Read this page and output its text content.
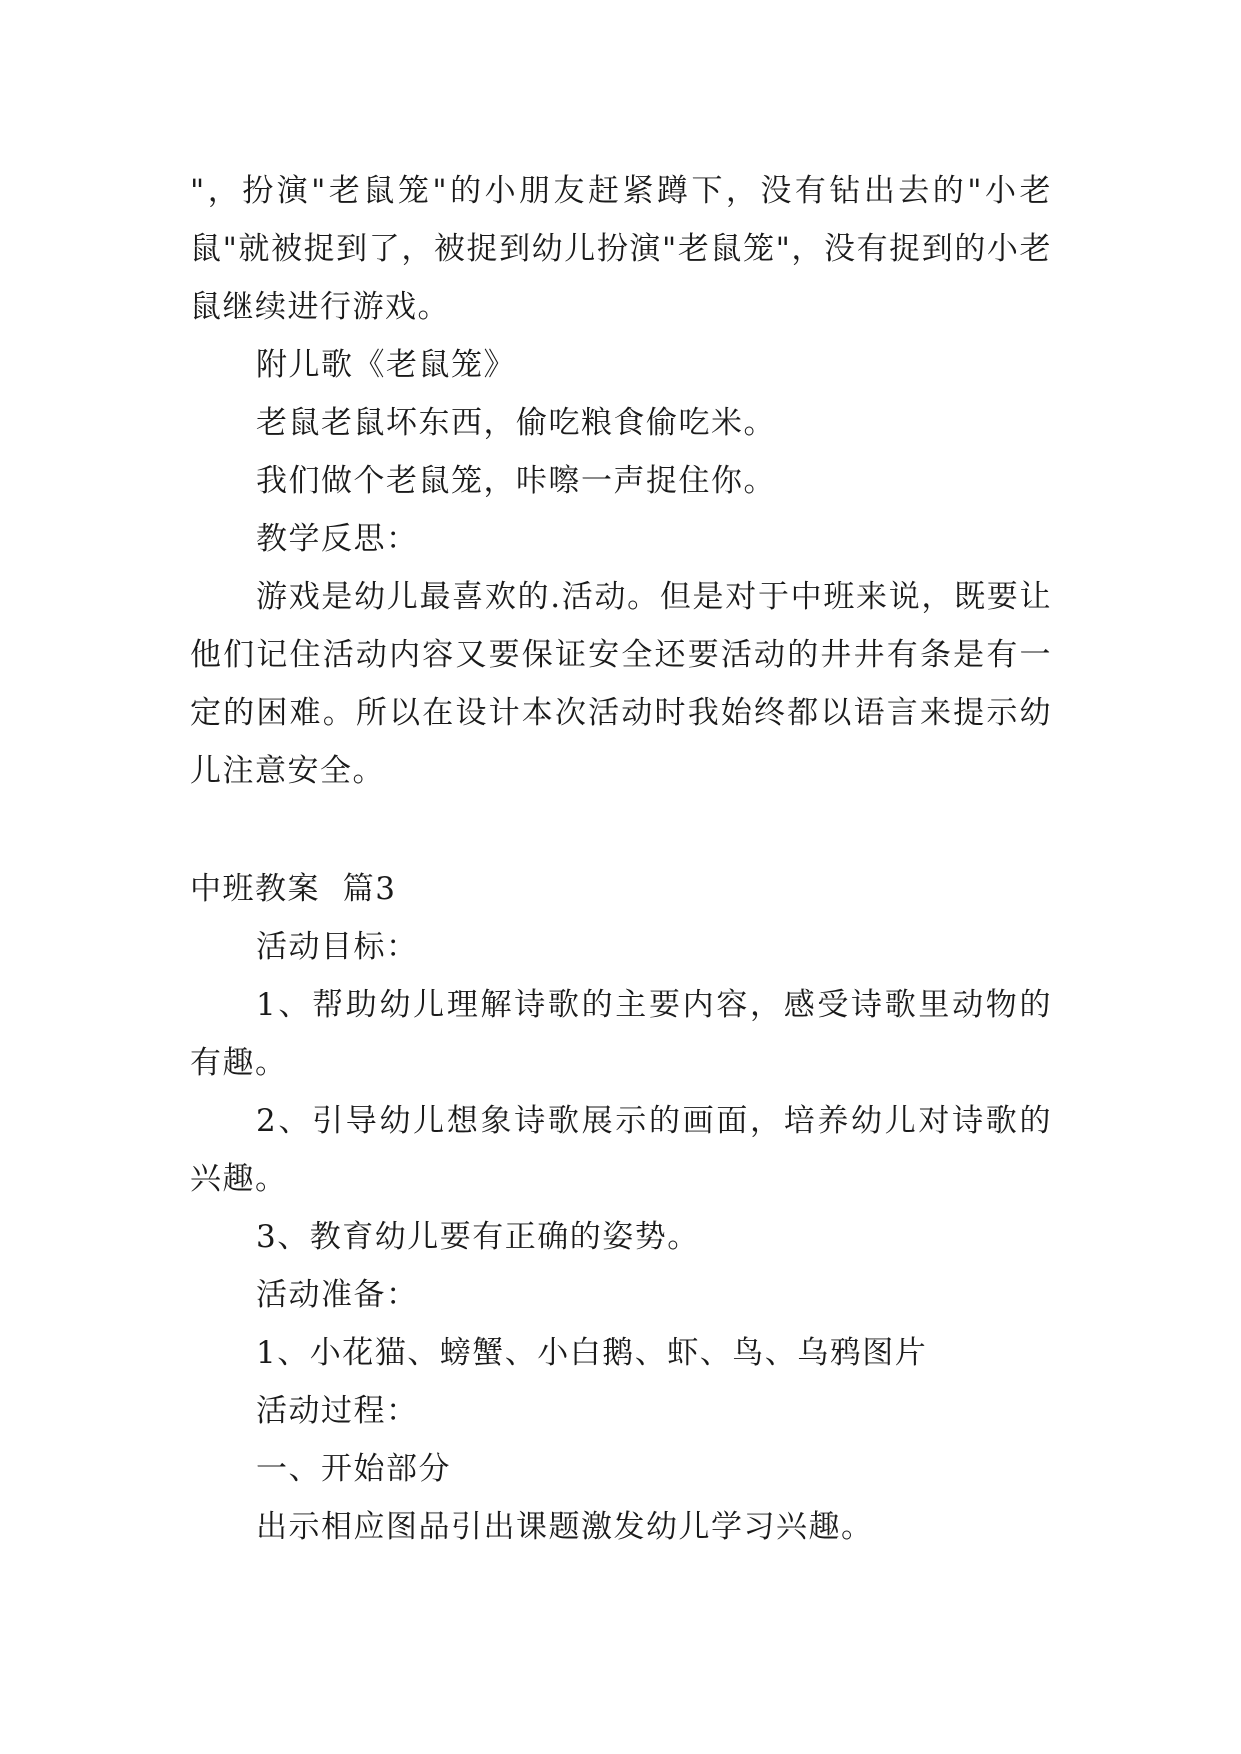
"，扮演"老鼠笼"的小朋友赶紧蹲下，没有钻出去的"小老鼠"就被捉到了，被捉到幼儿扮演"老鼠笼"，没有捉到的小老鼠继续进行游戏。

附儿歌《老鼠笼》

老鼠老鼠坏东西，偷吃粮食偷吃米。

我们做个老鼠笼，咔嚓一声捉住你。

教学反思：

游戏是幼儿最喜欢的.活动。但是对于中班来说，既要让他们记住活动内容又要保证安全还要活动的井井有条是有一定的困难。所以在设计本次活动时我始终都以语言来提示幼儿注意安全。

中班教案  篇3

活动目标：

1、帮助幼儿理解诗歌的主要内容，感受诗歌里动物的有趣。

2、引导幼儿想象诗歌展示的画面，培养幼儿对诗歌的兴趣。

3、教育幼儿要有正确的姿势。

活动准备：

1、小花猫、螃蟹、小白鹅、虾、鸟、乌鸦图片

活动过程：

一、开始部分

出示相应图品引出课题激发幼儿学习兴趣。
